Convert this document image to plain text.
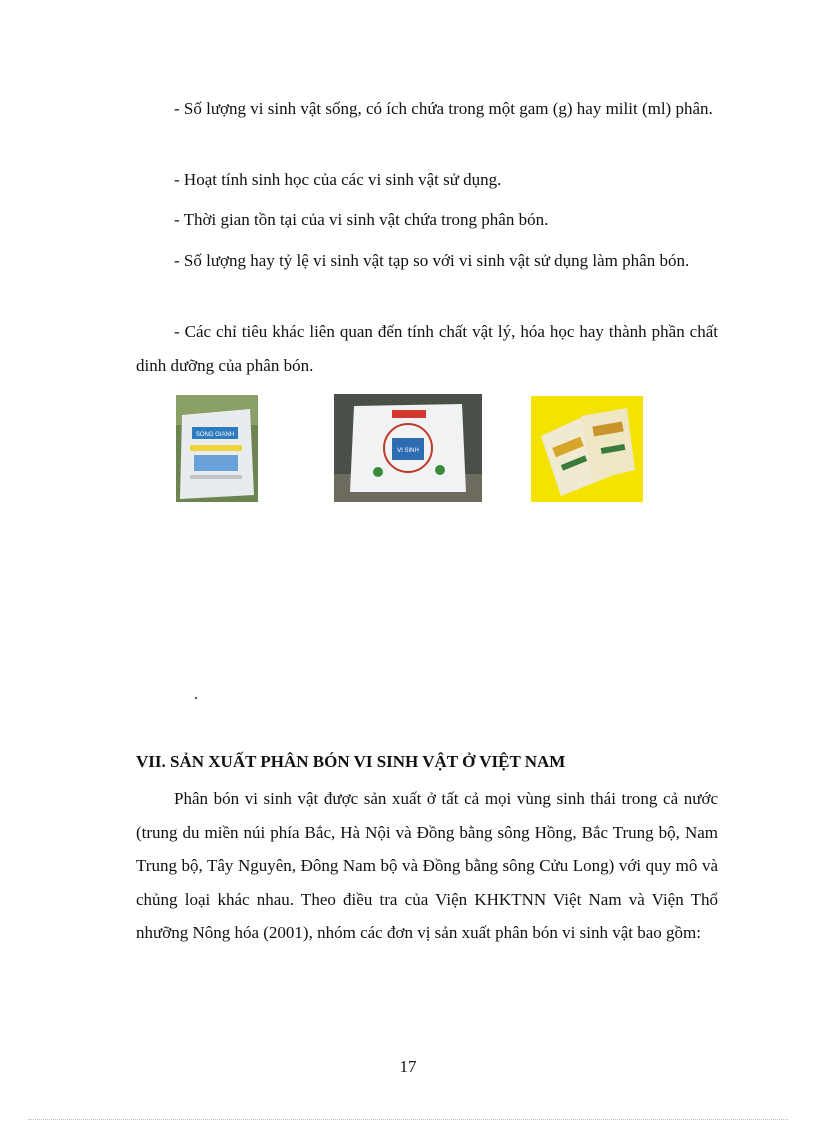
- Số lượng vi sinh vật sống, có ích chứa trong một gam (g) hay milit (ml) phân.

- Hoạt tính sinh học của các vi sinh vật sử dụng.

- Thời gian tồn tại của vi sinh vật chứa trong phân bón.

- Số lượng hay tỷ lệ vi sinh vật tạp so với vi sinh vật sử dụng làm phân bón.

- Các chỉ tiêu khác liên quan đến tính chất vật lý, hóa học hay thành phần chất dinh dưỡng của phân bón.

SONG GIANH
VI SINH
.
VII. SẢN XUẤT PHÂN BÓN VI SINH VẬT Ở VIỆT NAM

Phân bón vi sinh vật được sản xuất ở tất cả mọi vùng sinh thái trong cả nước (trung du miền núi phía Bắc, Hà Nội và Đồng bằng sông Hồng, Bắc Trung bộ, Nam Trung bộ, Tây Nguyên, Đông Nam bộ và Đồng bằng sông Cửu Long) với quy mô và chủng loại khác nhau. Theo điều tra của Viện KHKTNN Việt Nam và Viện Thổ nhưỡng Nông hóa (2001), nhóm các đơn vị sản xuất phân bón vi sinh vật bao gồm:

17
